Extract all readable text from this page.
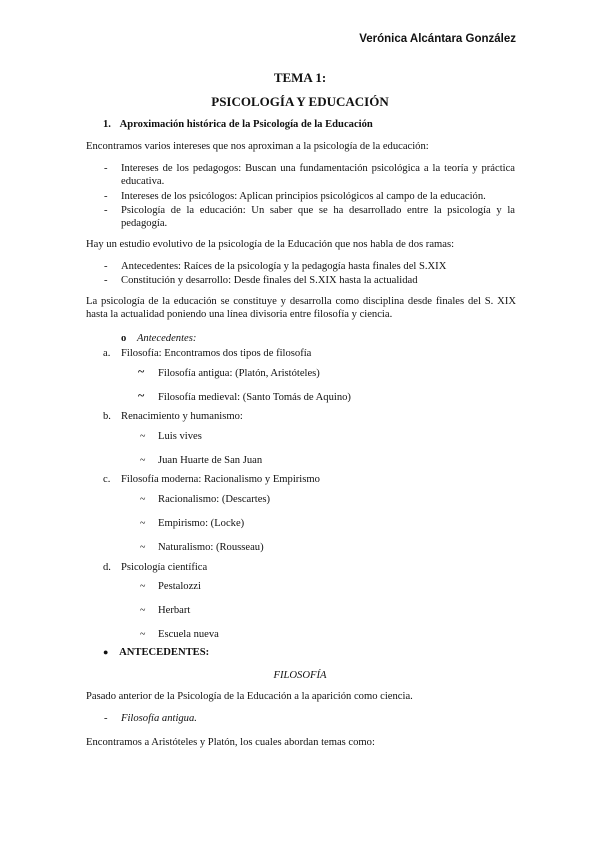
Verónica Alcántara González
TEMA 1:
PSICOLOGÍA Y EDUCACIÓN
1. Aproximación histórica de la Psicología de la Educación
Encontramos varios intereses que nos aproximan a la psicología de la educación:
- Intereses de los pedagogos: Buscan una fundamentación psicológica a la teoría y práctica educativa.
- Intereses de los psicólogos: Aplican principios psicológicos al campo de la educación.
- Psicología de la educación: Un saber que se ha desarrollado entre la psicología y la pedagogía.
Hay un estudio evolutivo de la psicología de la Educación que nos habla de dos ramas:
- Antecedentes: Raíces de la psicología y la pedagogía hasta finales del S.XIX
- Constitución y desarrollo: Desde finales del S.XIX hasta la actualidad
La psicología de la educación se constituye y desarrolla como disciplina desde finales del S. XIX hasta la actualidad poniendo una línea divisoria entre filosofía y ciencia.
o Antecedentes:
a. Filosofía: Encontramos dos tipos de filosofía
~ Filosofía antigua: (Platón, Aristóteles)
~ Filosofía medieval: (Santo Tomás de Aquino)
b. Renacimiento y humanismo:
~ Luis vives
~ Juan Huarte de San Juan
c. Filosofía moderna: Racionalismo y Empirismo
~ Racionalismo: (Descartes)
~ Empirismo: (Locke)
~ Naturalismo: (Rousseau)
d. Psicología científica
~ Pestalozzi
~ Herbart
~ Escuela nueva
● ANTECEDENTES:
FILOSOFÍA
Pasado anterior de la Psicología de la Educación a la aparición como ciencia.
- Filosofía antigua.
Encontramos a Aristóteles y Platón, los cuales abordan temas como:
